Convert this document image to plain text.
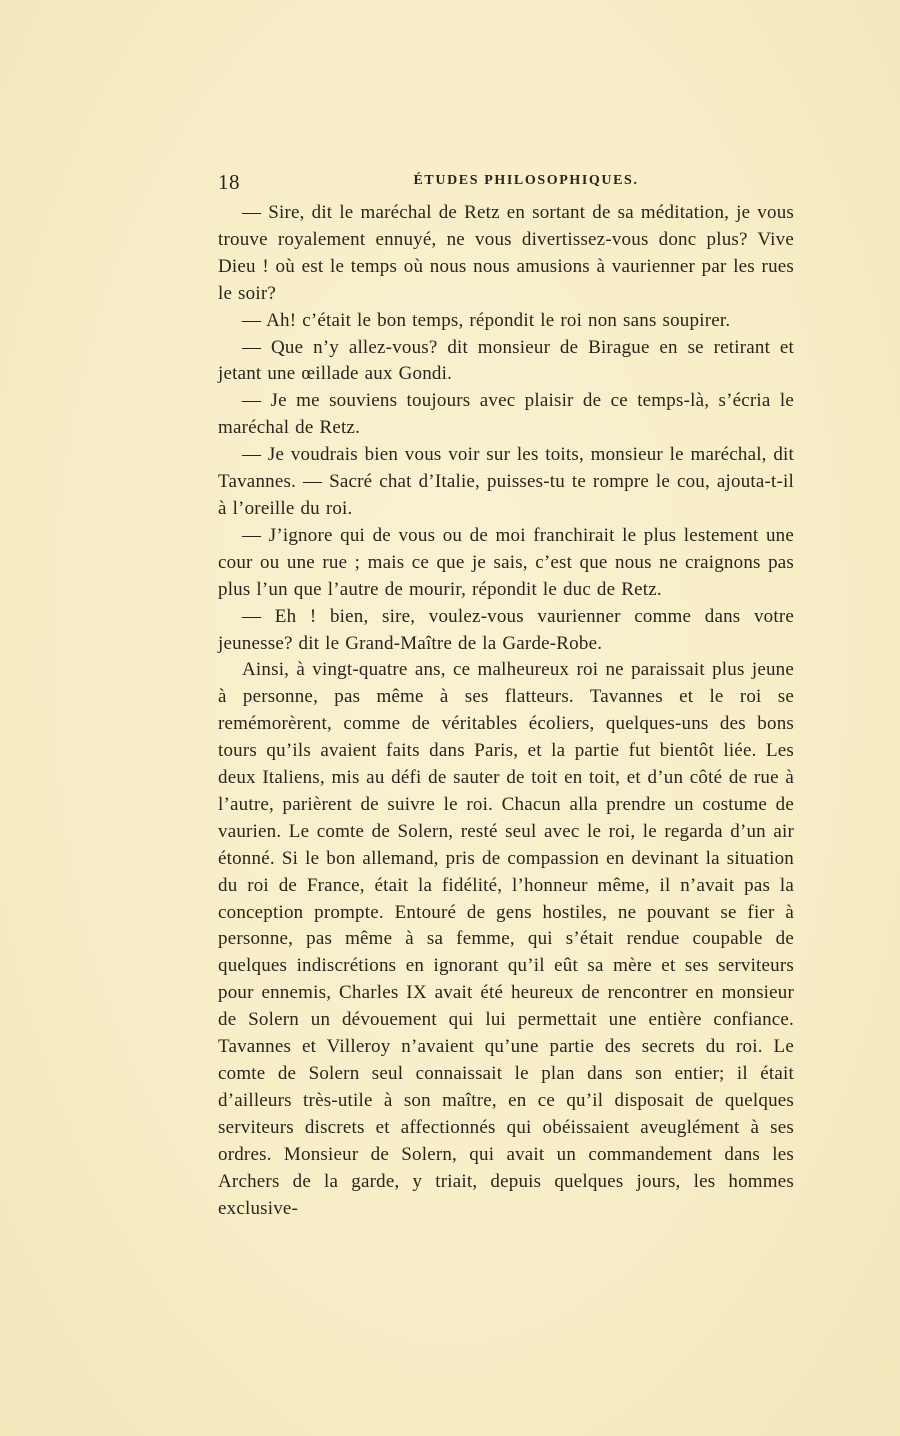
18	ÉTUDES PHILOSOPHIQUES.

— Sire, dit le maréchal de Retz en sortant de sa méditation, je vous trouve royalement ennuyé, ne vous divertissez-vous donc plus? Vive Dieu ! où est le temps où nous nous amusions à vaurienner par les rues le soir?

— Ah! c’était le bon temps, répondit le roi non sans soupirer.

— Que n’y allez-vous? dit monsieur de Birague en se retirant et jetant une œillade aux Gondi.

— Je me souviens toujours avec plaisir de ce temps-là, s’écria le maréchal de Retz.

— Je voudrais bien vous voir sur les toits, monsieur le maréchal, dit Tavannes. — Sacré chat d’Italie, puisses-tu te rompre le cou, ajouta-t-il à l’oreille du roi.

— J’ignore qui de vous ou de moi franchirait le plus lestement une cour ou une rue ; mais ce que je sais, c’est que nous ne craignons pas plus l’un que l’autre de mourir, répondit le duc de Retz.

— Eh ! bien, sire, voulez-vous vaurienner comme dans votre jeunesse? dit le Grand-Maître de la Garde-Robe.

Ainsi, à vingt-quatre ans, ce malheureux roi ne paraissait plus jeune à personne, pas même à ses flatteurs. Tavannes et le roi se remémorèrent, comme de véritables écoliers, quelques-uns des bons tours qu’ils avaient faits dans Paris, et la partie fut bientôt liée. Les deux Italiens, mis au défi de sauter de toit en toit, et d’un côté de rue à l’autre, parièrent de suivre le roi. Chacun alla prendre un costume de vaurien. Le comte de Solern, resté seul avec le roi, le regarda d’un air étonné. Si le bon allemand, pris de compassion en devinant la situation du roi de France, était la fidélité, l’honneur même, il n’avait pas la conception prompte. Entouré de gens hostiles, ne pouvant se fier à personne, pas même à sa femme, qui s’était rendue coupable de quelques indiscrétions en ignorant qu’il eût sa mère et ses serviteurs pour ennemis, Charles IX avait été heureux de rencontrer en monsieur de Solern un dévouement qui lui permettait une entière confiance. Tavannes et Villeroy n’avaient qu’une partie des secrets du roi. Le comte de Solern seul connaissait le plan dans son entier; il était d’ailleurs très-utile à son maître, en ce qu’il disposait de quelques serviteurs discrets et affectionnés qui obéissaient aveuglément à ses ordres. Monsieur de Solern, qui avait un commandement dans les Archers de la garde, y triait, depuis quelques jours, les hommes exclusive-
